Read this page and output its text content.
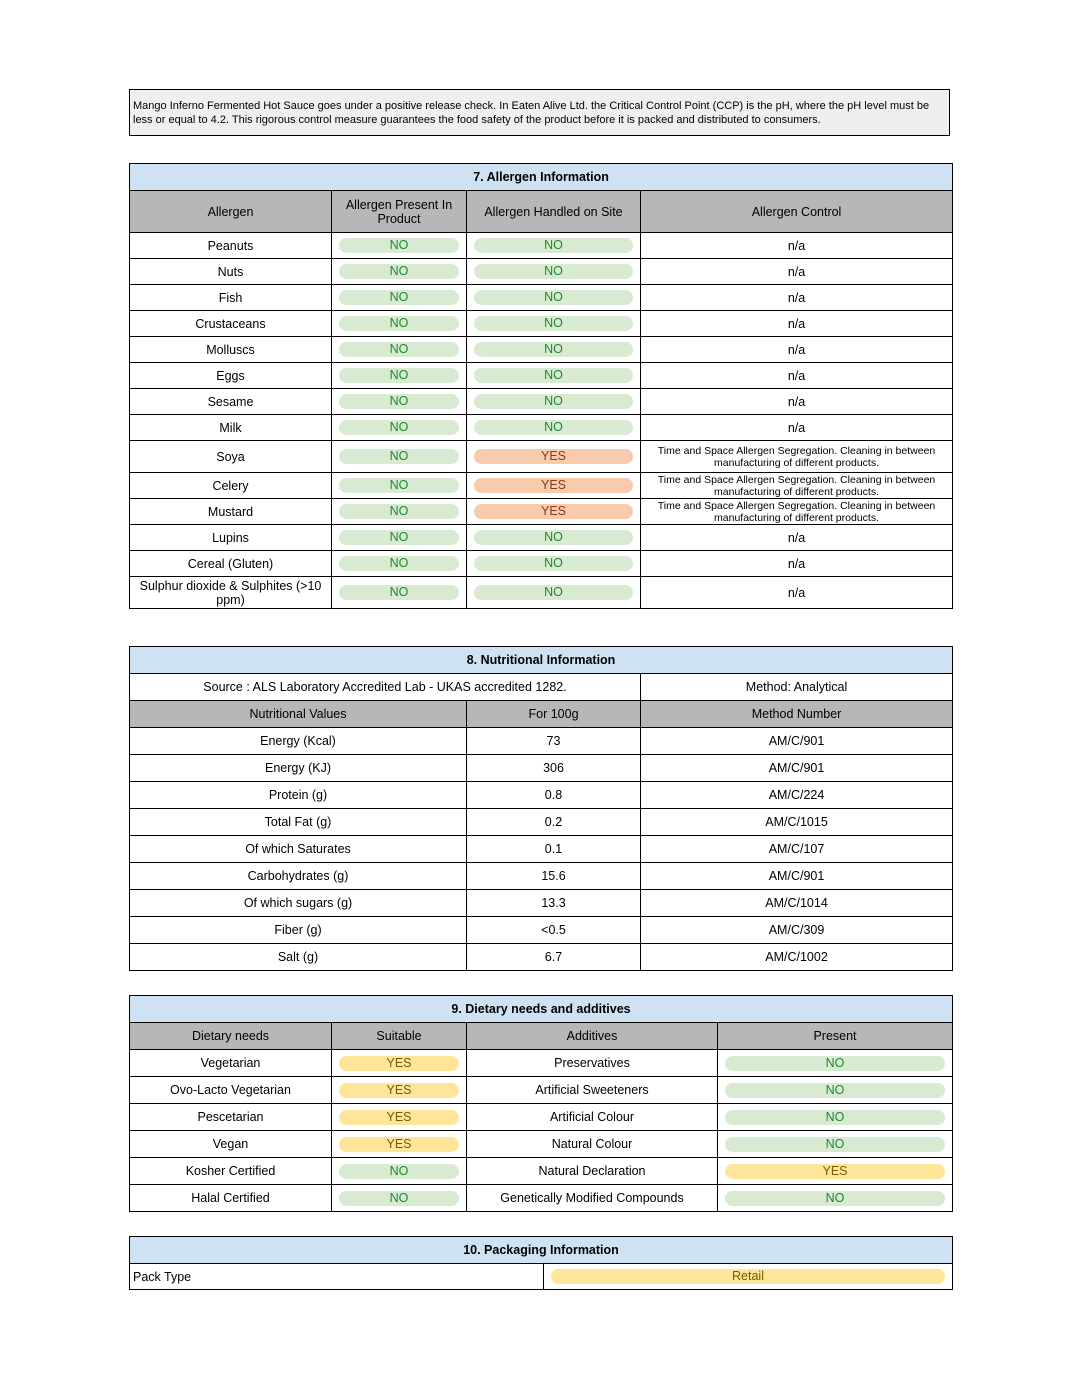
Mango Inferno Fermented Hot Sauce goes under a positive release check. In Eaten Alive Ltd. the Critical Control Point (CCP) is the pH, where the pH level must be less or equal to 4.2. This rigorous control measure guarantees the food safety of the product before it is packed and distributed to consumers.
7. Allergen Information			
Allergen	Allergen Present In Product	Allergen Handled on Site	Allergen Control
Peanuts	NO	NO	n/a
Nuts	NO	NO	n/a
Fish	NO	NO	n/a
Crustaceans	NO	NO	n/a
Molluscs	NO	NO	n/a
Eggs	NO	NO	n/a
Sesame	NO	NO	n/a
Milk	NO	NO	n/a
Soya	NO	YES	Time and Space Allergen Segregation. Cleaning in between manufacturing of different products.

Celery	NO	YES	Time and Space Allergen Segregation. Cleaning in between manufacturing of different products.

Mustard	NO	YES	Time and Space Allergen Segregation. Cleaning in between manufacturing of different products.

Lupins	NO	NO	n/a
Cereal (Gluten)	NO	NO	n/a
Sulphur dioxide & Sulphites (>10 ppm)	NO	NO	n/a
8. Nutritional Information		
Source : ALS Laboratory Accredited Lab - UKAS accredited 1282.		Method: Analytical
Nutritional Values	For 100g	Method Number
Energy (Kcal)	73	AM/C/901
Energy (KJ)	306	AM/C/901
Protein (g)	0.8	AM/C/224
Total Fat (g)	0.2	AM/C/1015
Of which Saturates	0.1	AM/C/107
Carbohydrates (g)	15.6	AM/C/901
Of which sugars (g)	13.3	AM/C/1014
Fiber (g)	<0.5	AM/C/309
Salt (g)	6.7	AM/C/1002
9. Dietary needs and additives			
Dietary needs	Suitable	Additives	Present
Vegetarian	YES	Preservatives	NO

Ovo-Lacto Vegetarian	YES	Artificial Sweeteners	NO

Pescetarian	YES	Artificial Colour	NO

Vegan	YES	Natural Colour	NO

Kosher Certified	NO	Natural Declaration	YES

Halal Certified	NO	Genetically Modified Compounds	NO
10. Packaging Information
Pack Type	Retail
